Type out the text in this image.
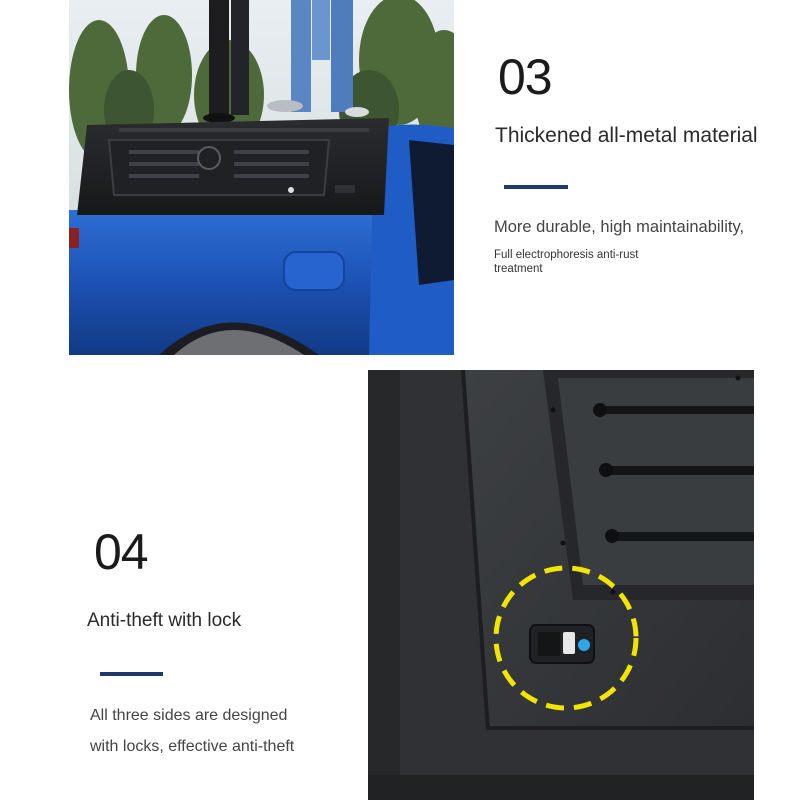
03
Thickened all-metal material
More durable, high maintainability,
Full electrophoresis anti-rust treatment
04
Anti-theft with lock
All three sides are designed
with locks, effective anti-theft
